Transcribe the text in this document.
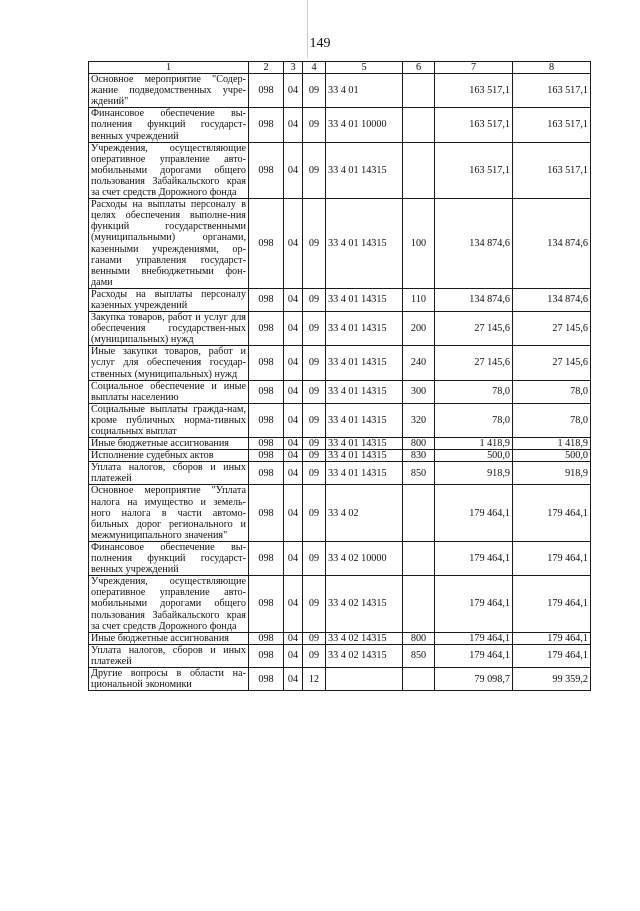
149
1	2	3	4	5	6	7	8
Основное мероприятие "Содер-жание подведомственных учре-ждений"	098	04	09	33 4 01		163 517,1	163 517,1
Финансовое обеспечение вы-полнения функций государст-венных учреждений	098	04	09	33 4 01 10000		163 517,1	163 517,1
Учреждения, осуществляющие оперативное управление авто-мобильными дорогами общего пользования Забайкальского края за счет средств Дорожного фонда	098	04	09	33 4 01 14315		163 517,1	163 517,1
Расходы на выплаты персоналу в целях обеспечения выполне-ния функций государственными (муниципальными) органами, казенными учреждениями, ор-ганами управления государст-венными внебюджетными фон-дами	098	04	09	33 4 01 14315	100	134 874,6	134 874,6
Расходы на выплаты персоналу казенных учреждений	098	04	09	33 4 01 14315	110	134 874,6	134 874,6
Закупка товаров, работ и услуг для обеспечения государствен-ных (муниципальных) нужд	098	04	09	33 4 01 14315	200	27 145,6	27 145,6
Иные закупки товаров, работ и услуг для обеспечения государ-ственных (муниципальных) нужд	098	04	09	33 4 01 14315	240	27 145,6	27 145,6
Социальное обеспечение и иные выплаты населению	098	04	09	33 4 01 14315	300	78,0	78,0
Социальные выплаты гражда-нам, кроме публичных норма-тивных социальных выплат	098	04	09	33 4 01 14315	320	78,0	78,0
Иные бюджетные ассигнования	098	04	09	33 4 01 14315	800	1 418,9	1 418,9
Исполнение судебных актов	098	04	09	33 4 01 14315	830	500,0	500,0
Уплата налогов, сборов и иных платежей	098	04	09	33 4 01 14315	850	918,9	918,9
Основное мероприятие "Уплата налога на имущество и земель-ного налога в части автомо-бильных дорог регионального и межмуниципального значения"	098	04	09	33 4 02		179 464,1	179 464,1
Финансовое обеспечение вы-полнения функций государст-венных учреждений	098	04	09	33 4 02 10000		179 464,1	179 464,1
Учреждения, осуществляющие оперативное управление авто-мобильными дорогами общего пользования Забайкальского края за счет средств Дорожного фонда	098	04	09	33 4 02 14315		179 464,1	179 464,1
Иные бюджетные ассигнования	098	04	09	33 4 02 14315	800	179 464,1	179 464,1
Уплата налогов, сборов и иных платежей	098	04	09	33 4 02 14315	850	179 464,1	179 464,1
Другие вопросы в области на-циональной экономики	098	04	12			79 098,7	99 359,2
